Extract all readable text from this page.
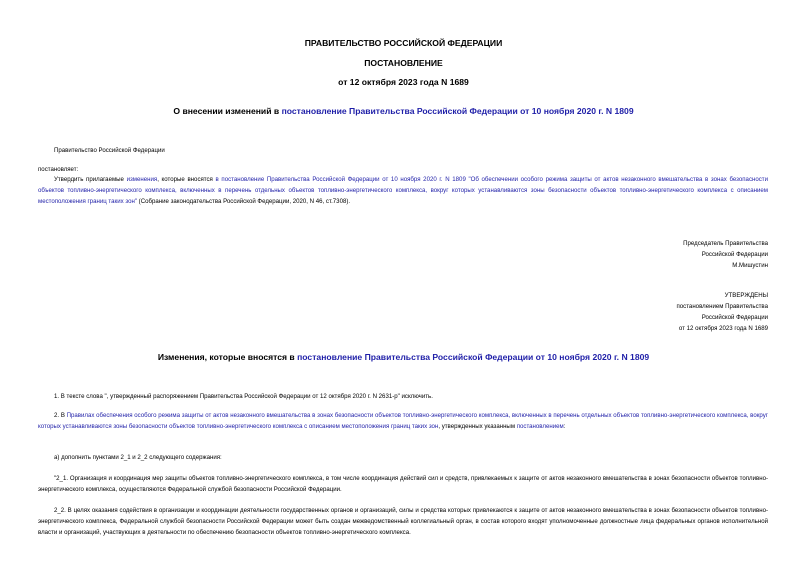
ПРАВИТЕЛЬСТВО РОССИЙСКОЙ ФЕДЕРАЦИИ
ПОСТАНОВЛЕНИЕ
от 12 октября 2023 года N 1689
О внесении изменений в постановление Правительства Российской Федерации от 10 ноября 2020 г. N 1809
Правительство Российской Федерации
постановляет:
Утвердить прилагаемые изменения, которые вносятся в постановление Правительства Российской Федерации от 10 ноября 2020 г. N 1809 "Об обеспечении особого режима защиты от актов незаконного вмешательства в зонах безопасности объектов топливно-энергетического комплекса, включенных в перечень отдельных объектов топливно-энергетического комплекса, вокруг которых устанавливаются зоны безопасности объектов топливно-энергетического комплекса с описанием местоположения границ таких зон" (Собрание законодательства Российской Федерации, 2020, N 46, ст.7308).
Председатель Правительства
Российской Федерации
М.Мишустин
УТВЕРЖДЕНЫ
постановлением Правительства
Российской Федерации
от 12 октября 2023 года N 1689
Изменения, которые вносятся в постановление Правительства Российской Федерации от 10 ноября 2020 г. N 1809
1. В тексте слова ", утвержденный распоряжением Правительства Российской Федерации от 12 октября 2020 г. N 2631-р" исключить.
2. В Правилах обеспечения особого режима защиты от актов незаконного вмешательства в зонах безопасности объектов топливно-энергетического комплекса, включенных в перечень отдельных объектов топливно-энергетического комплекса, вокруг которых устанавливаются зоны безопасности объектов топливно-энергетического комплекса с описанием местоположения границ таких зон, утвержденных указанным постановлением:
а) дополнить пунктами 2_1 и 2_2 следующего содержания:
"2_1. Организация и координация мер защиты объектов топливно-энергетического комплекса, в том числе координация действий сил и средств, привлекаемых к защите от актов незаконного вмешательства в зонах безопасности объектов топливно-энергетического комплекса, осуществляются Федеральной службой безопасности Российской Федерации.
2_2. В целях оказания содействия в организации и координации деятельности государственных органов и организаций, силы и средства которых привлекаются к защите от актов незаконного вмешательства в зонах безопасности объектов топливно-энергетического комплекса, Федеральной службой безопасности Российской Федерации может быть создан межведомственный коллегиальный орган, в состав которого входят уполномоченные должностные лица федеральных органов исполнительной власти и организаций, участвующих в деятельности по обеспечению безопасности объектов топливно-энергетического комплекса.
